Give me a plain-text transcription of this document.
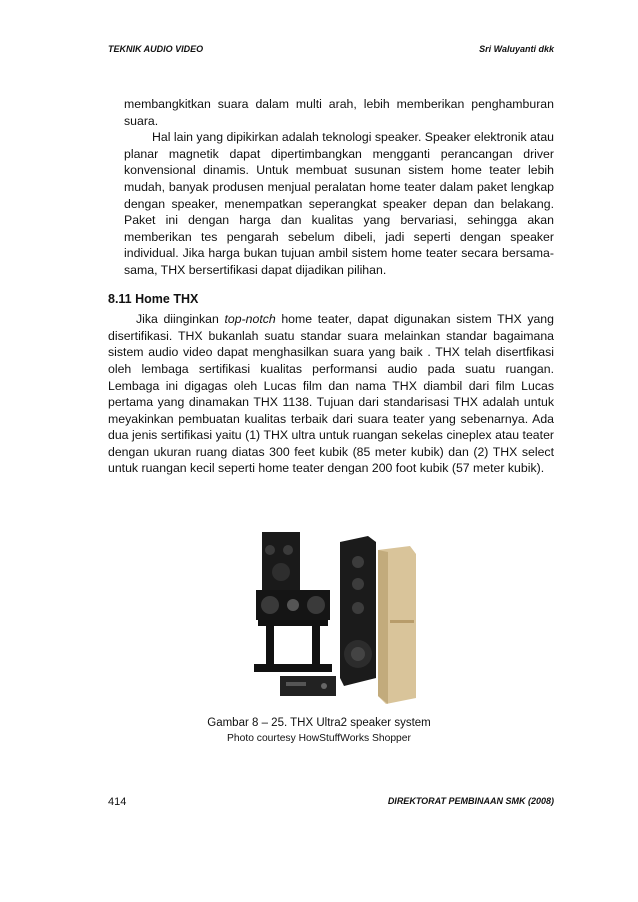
TEKNIK AUDIO VIDEO	Sri Waluyanti dkk

membangkitkan suara dalam multi arah, lebih memberikan penghamburan suara.

Hal lain yang dipikirkan adalah teknologi speaker. Speaker elektronik atau planar magnetik dapat dipertimbangkan mengganti perancangan driver konvensional dinamis. Untuk membuat susunan sistem home teater lebih mudah, banyak produsen menjual peralatan home teater dalam paket lengkap dengan speaker, menempatkan seperangkat speaker depan dan belakang. Paket ini dengan harga dan kualitas yang bervariasi, sehingga akan memberikan tes pengarah sebelum dibeli, jadi seperti dengan speaker individual. Jika harga bukan tujuan ambil sistem home teater secara bersama-sama, THX bersertifikasi dapat dijadikan pilihan.

8.11 Home THX

Jika diinginkan top-notch home teater, dapat digunakan sistem THX yang disertifikasi. THX bukanlah suatu standar suara melainkan standar bagaimana sistem audio video dapat menghasilkan suara yang baik . THX telah disertfikasi oleh lembaga sertifikasi kualitas performansi audio pada suatu ruangan. Lembaga ini digagas oleh Lucas film dan nama THX diambil dari film Lucas pertama yang dinamakan THX 1138. Tujuan dari standarisasi THX adalah untuk meyakinkan pembuatan kualitas terbaik dari suara teater yang sebenarnya. Ada dua jenis sertifikasi yaitu (1) THX ultra untuk ruangan sekelas cineplex atau teater dengan ukuran ruang diatas 300 feet kubik (85 meter kubik) dan (2) THX select untuk ruangan kecil seperti home teater dengan 200 foot kubik (57 meter kubik).

Gambar 8 – 25. THX Ultra2 speaker system
Photo courtesy HowStuffWorks Shopper
414	DIREKTORAT PEMBINAAN SMK (2008)
